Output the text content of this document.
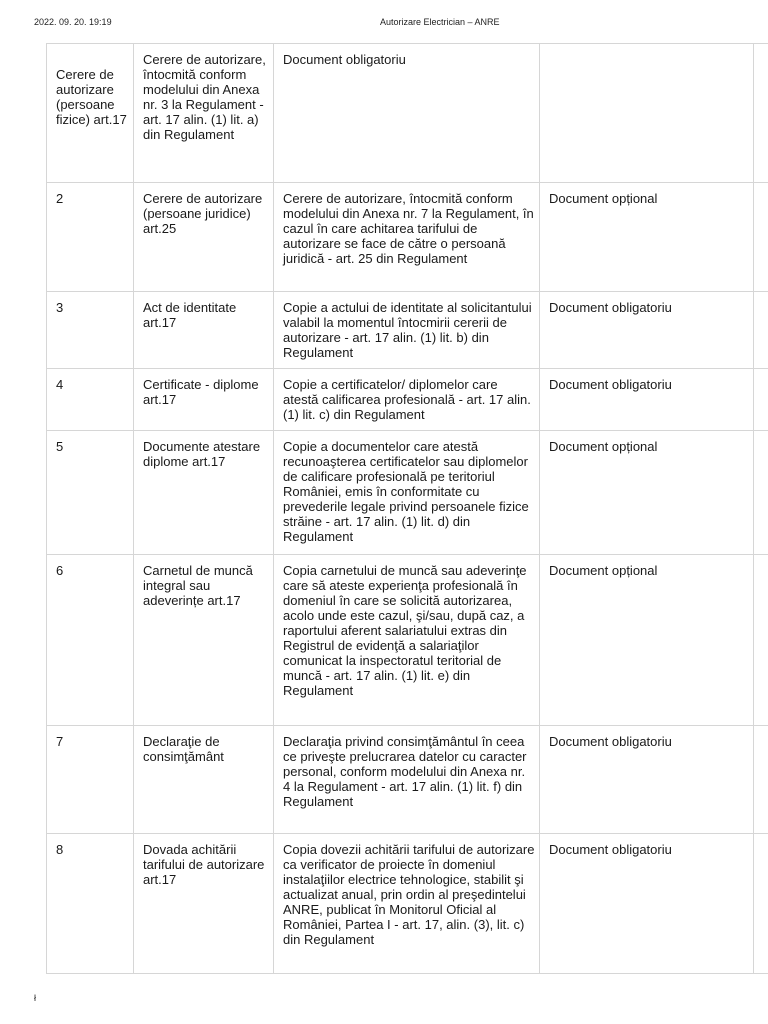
2022. 09. 20. 19:19	Autorizare Electrician – ANRE
Cerere de autorizare (persoane fizice) art.17	Cerere de autorizare, întocmită conform modelului din Anexa nr. 3 la Regulament - art. 17 alin. (1) lit. a) din Regulament	Document obligatoriu		
2	Cerere de autorizare (persoane juridice) art.25	Cerere de autorizare, întocmită conform modelului din Anexa nr. 7 la Regulament, în cazul în care achitarea tarifului de autorizare se face de către o persoană juridică - art. 25 din Regulament	Document opțional	
3	Act de identitate art.17	Copie a actului de identitate al solicitantului valabil la momentul întocmirii cererii de autorizare - art. 17 alin. (1) lit. b) din Regulament	Document obligatoriu	
4	Certificate - diplome art.17	Copie a certificatelor/ diplomelor care atestă calificarea profesională - art. 17 alin. (1) lit. c) din Regulament	Document obligatoriu	
5	Documente atestare diplome art.17	Copie a documentelor care atestă recunoaşterea certificatelor sau diplomelor de calificare profesională pe teritoriul României, emis în conformitate cu prevederile legale privind persoanele fizice străine - art. 17 alin. (1) lit. d) din Regulament	Document opțional	
6	Carnetul de muncă integral sau adeverințe art.17	Copia carnetului de muncă sau adeverinţe care să ateste experienţa profesională în domeniul în care se solicită autorizarea, acolo unde este cazul, şi/sau, după caz, a raportului aferent salariatului extras din Registrul de evidenţă a salariaţilor comunicat la inspectoratul teritorial de muncă - art. 17 alin. (1) lit. e) din Regulament	Document opțional	
7	Declaraţie de consimţământ	Declaraţia privind consimţământul în ceea ce priveşte prelucrarea datelor cu caracter personal, conform modelului din Anexa nr. 4 la Regulament - art. 17 alin. (1) lit. f) din Regulament	Document obligatoriu	
8	Dovada achitării tarifului de autorizare art.17	Copia dovezii achitării tarifului de autorizare ca verificator de proiecte în domeniul instalaţiilor electrice tehnologice, stabilit şi actualizat anual, prin ordin al preşedintelui ANRE, publicat în Monitorul Oficial al României, Partea I - art. 17, alin. (3), lit. c) din Regulament	Document obligatoriu	
ł
